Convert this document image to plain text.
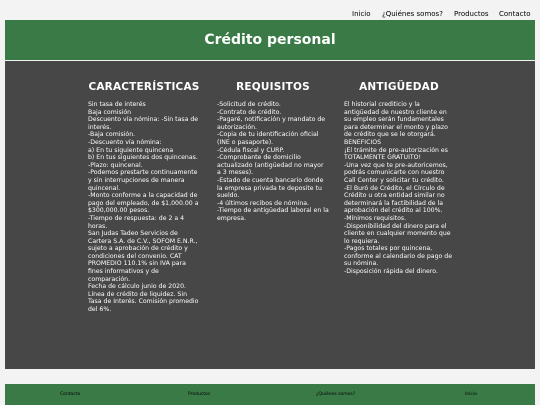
Inicio ¿Quiénes somos? Productos Contacto
Crédito personal
CARACTERÍSTICAS

Sin tasa de interés
Baja comisión
Descuento vía nómina: -Sin tasa de interés.
-Baja comisión.
-Descuento vía nómina:
a) En tu siguiente quincena
b) En tus siguientes dos quincenas.
-Plazo: quincenal.
-Podemos prestarte continuamente y sin interrupciones de manera quincenal.
-Monto conforme a la capacidad de pago del empleado, de $1,000.00 a $300,000.00 pesos.
-Tiempo de respuesta: de 2 a 4 horas.
San Judas Tadeo Servicios de Cartera S.A. de C.V., SOFOM E.N.R., sujeto a aprobación de crédito y condiciones del convenio. CAT PROMEDIO 110.1% sin IVA para fines informativos y de comparación.
Fecha de cálculo junio de 2020. Línea de crédito de liquidez. Sin Tasa de Interés. Comisión promedio del 6%.

REQUISITOS

-Solicitud de crédito.
-Contrato de crédito.
-Pagaré, notificación y mandato de autorización.
-Copia de tu identificación oficial (INE o pasaporte).
-Cédula fiscal y CURP.
-Comprobante de domicilio actualizado (antigüedad no mayor a 3 meses).
-Estado de cuenta bancario donde la empresa privada te deposite tu sueldo.
-4 últimos recibos de nómina.
-Tiempo de antigüedad laboral en la empresa.

ANTIGÜEDAD

El historial crediticio y la antigüedad de nuestro cliente en su empleo serán fundamentales para determinar el monto y plazo de crédito que se le otorgará.
BENEFICIOS
¡El trámite de pre-autorización es TOTALMENTE GRATUITO!
-Una vez que te pre-autoricemos, podrás comunicarte con nuestro Call Center y solicitar tu crédito.
-El Buró de Crédito, el Círculo de Crédito u otra entidad similar no determinará la factibilidad de la aprobación del crédito al 100%.
-Mínimos requisitos.
-Disponibilidad del dinero para el cliente en cualquier momento que lo requiera.
-Pagos totales por quincena, conforme al calendario de pago de su nómina.
-Disposición rápida del dinero.

Contacto	Productos	¿Quiénes somos?	Inicio
